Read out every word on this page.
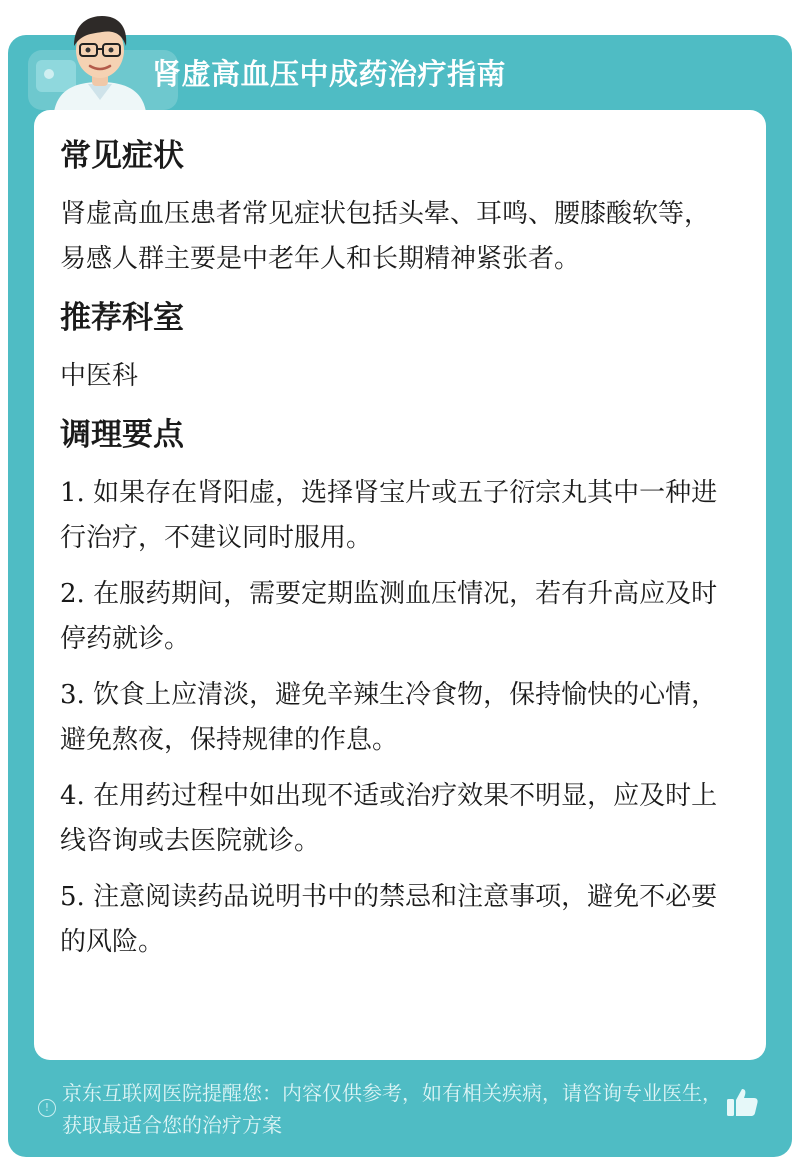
肾虚高血压中成药治疗指南
常见症状
肾虚高血压患者常见症状包括头晕、耳鸣、腰膝酸软等，易感人群主要是中老年人和长期精神紧张者。
推荐科室
中医科
调理要点
1. 如果存在肾阳虚，选择肾宝片或五子衍宗丸其中一种进行治疗，不建议同时服用。
2. 在服药期间，需要定期监测血压情况，若有升高应及时停药就诊。
3. 饮食上应清淡，避免辛辣生冷食物，保持愉快的心情，避免熬夜，保持规律的作息。
4. 在用药过程中如出现不适或治疗效果不明显，应及时上线咨询或去医院就诊。
5. 注意阅读药品说明书中的禁忌和注意事项，避免不必要的风险。
!
京东互联网医院提醒您：内容仅供参考，如有相关疾病，请咨询专业医生，获取最适合您的治疗方案
